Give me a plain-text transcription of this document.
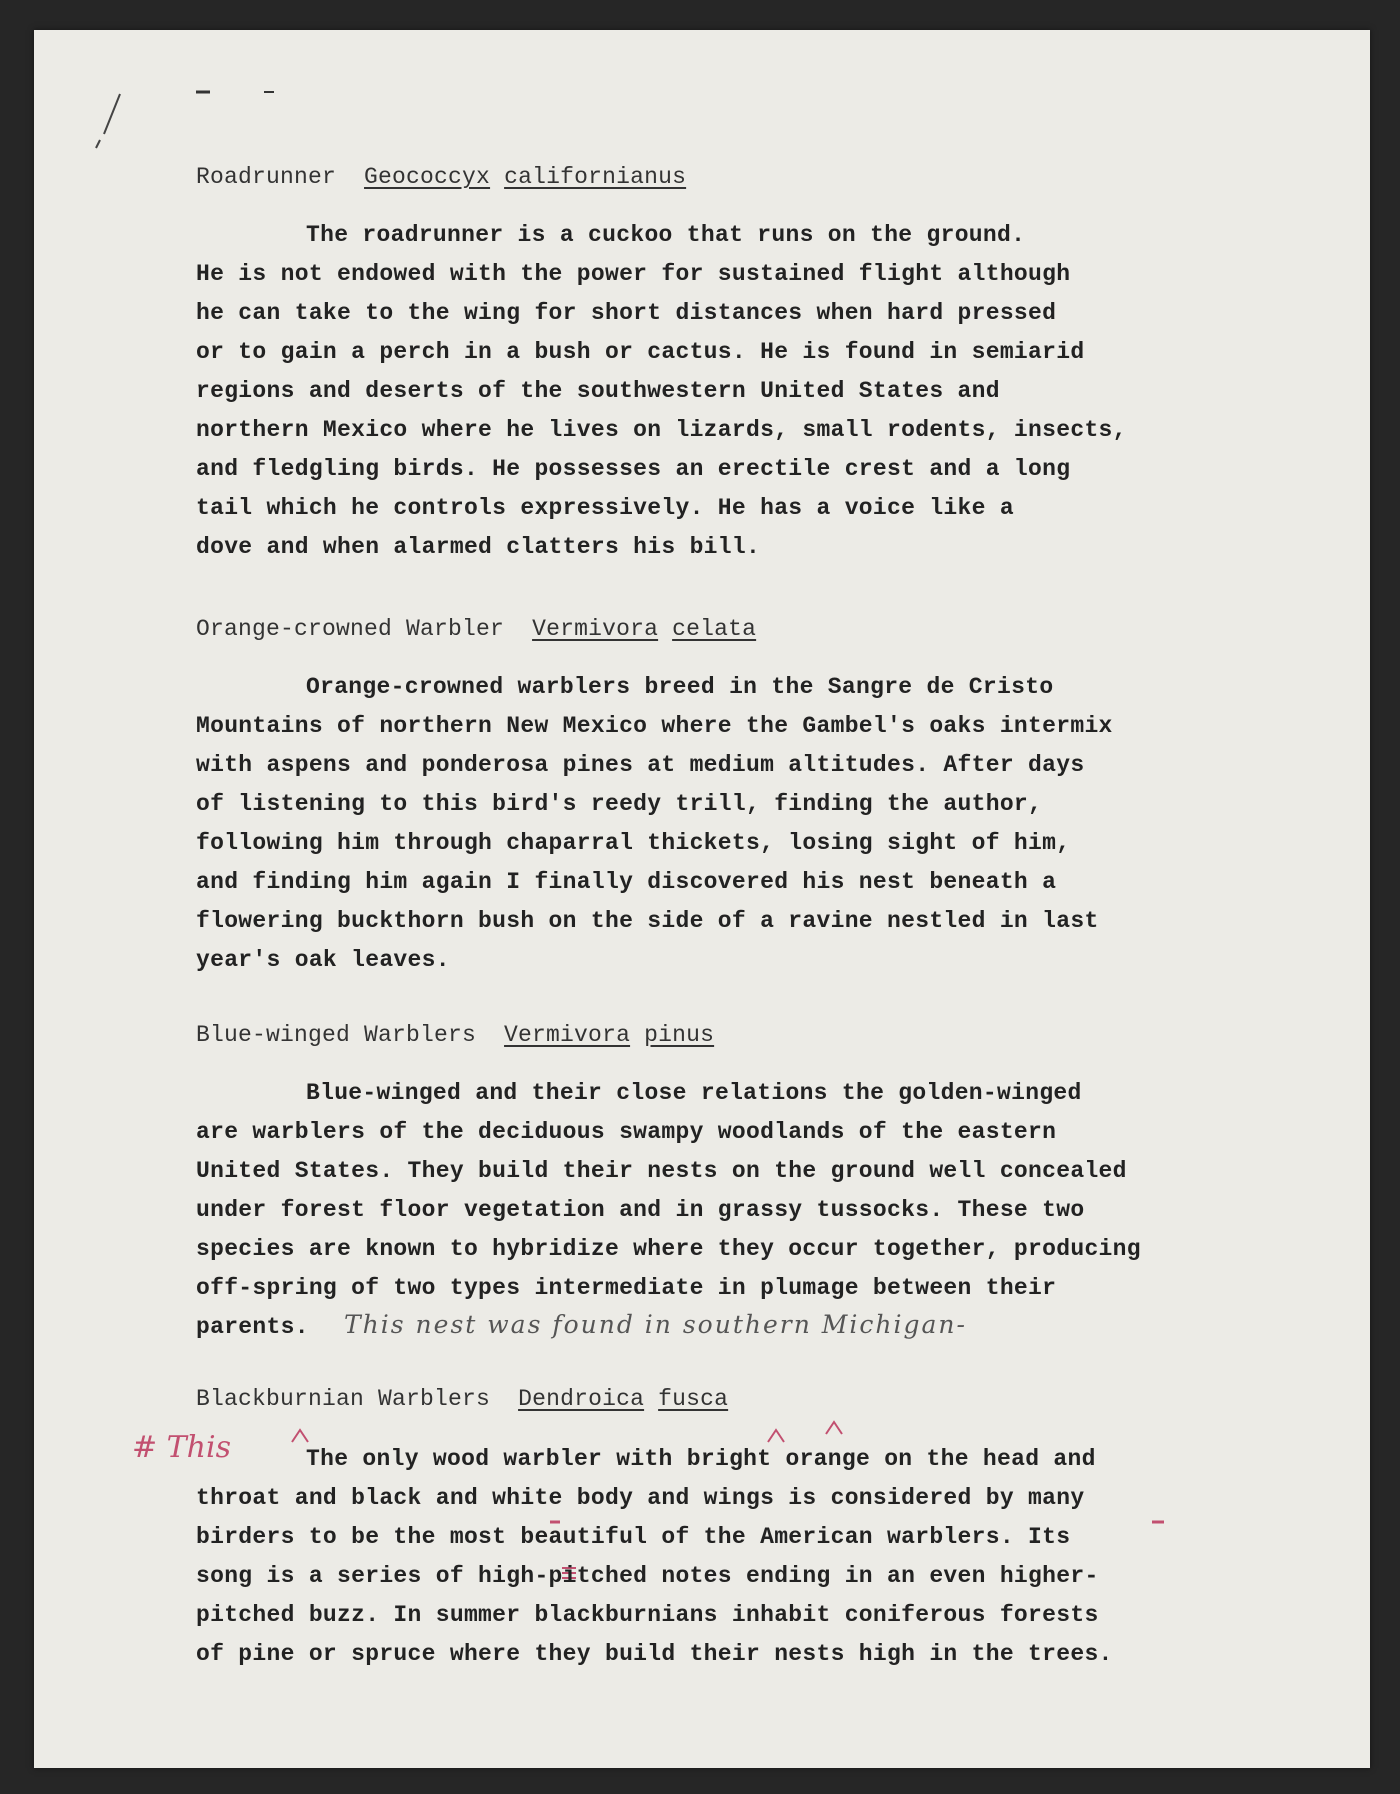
Roadrunner Geococcyx californianus

The roadrunner is a cuckoo that runs on the ground.
He is not endowed with the power for sustained flight although
he can take to the wing for short distances when hard pressed
or to gain a perch in a bush or cactus. He is found in semiarid
regions and deserts of the southwestern United States and
northern Mexico where he lives on lizards, small rodents, insects,
and fledgling birds. He possesses an erectile crest and a long
tail which he controls expressively. He has a voice like a
dove and when alarmed clatters his bill.

Orange-crowned Warbler Vermivora celata

Orange-crowned warblers breed in the Sangre de Cristo
Mountains of northern New Mexico where the Gambel's oaks intermix
with aspens and ponderosa pines at medium altitudes. After days
of listening to this bird's reedy trill, finding the author,
following him through chaparral thickets, losing sight of him,
and finding him again I finally discovered his nest beneath a
flowering buckthorn bush on the side of a ravine nestled in last
year's oak leaves.

Blue-winged Warblers Vermivora pinus

Blue-winged and their close relations the golden-winged
are warblers of the deciduous swampy woodlands of the eastern
United States. They build their nests on the ground well concealed
under forest floor vegetation and in grassy tussocks. These two
species are known to hybridize where they occur together, producing
off-spring of two types intermediate in plumage between their
parents.	This nest was found in southern Michigan-
Blackburnian Warblers Dendroica fusca
# This	The only wood warbler with bright orange on the head and
throat and black and white body and wings is considered by many
birders to be the most beautiful of the American warblers. Its
song is a series of high-pitched notes ending in an even higher-
pitched buzz. In summer blackburnians inhabit coniferous forests
of pine or spruce where they build their nests high in the trees.
